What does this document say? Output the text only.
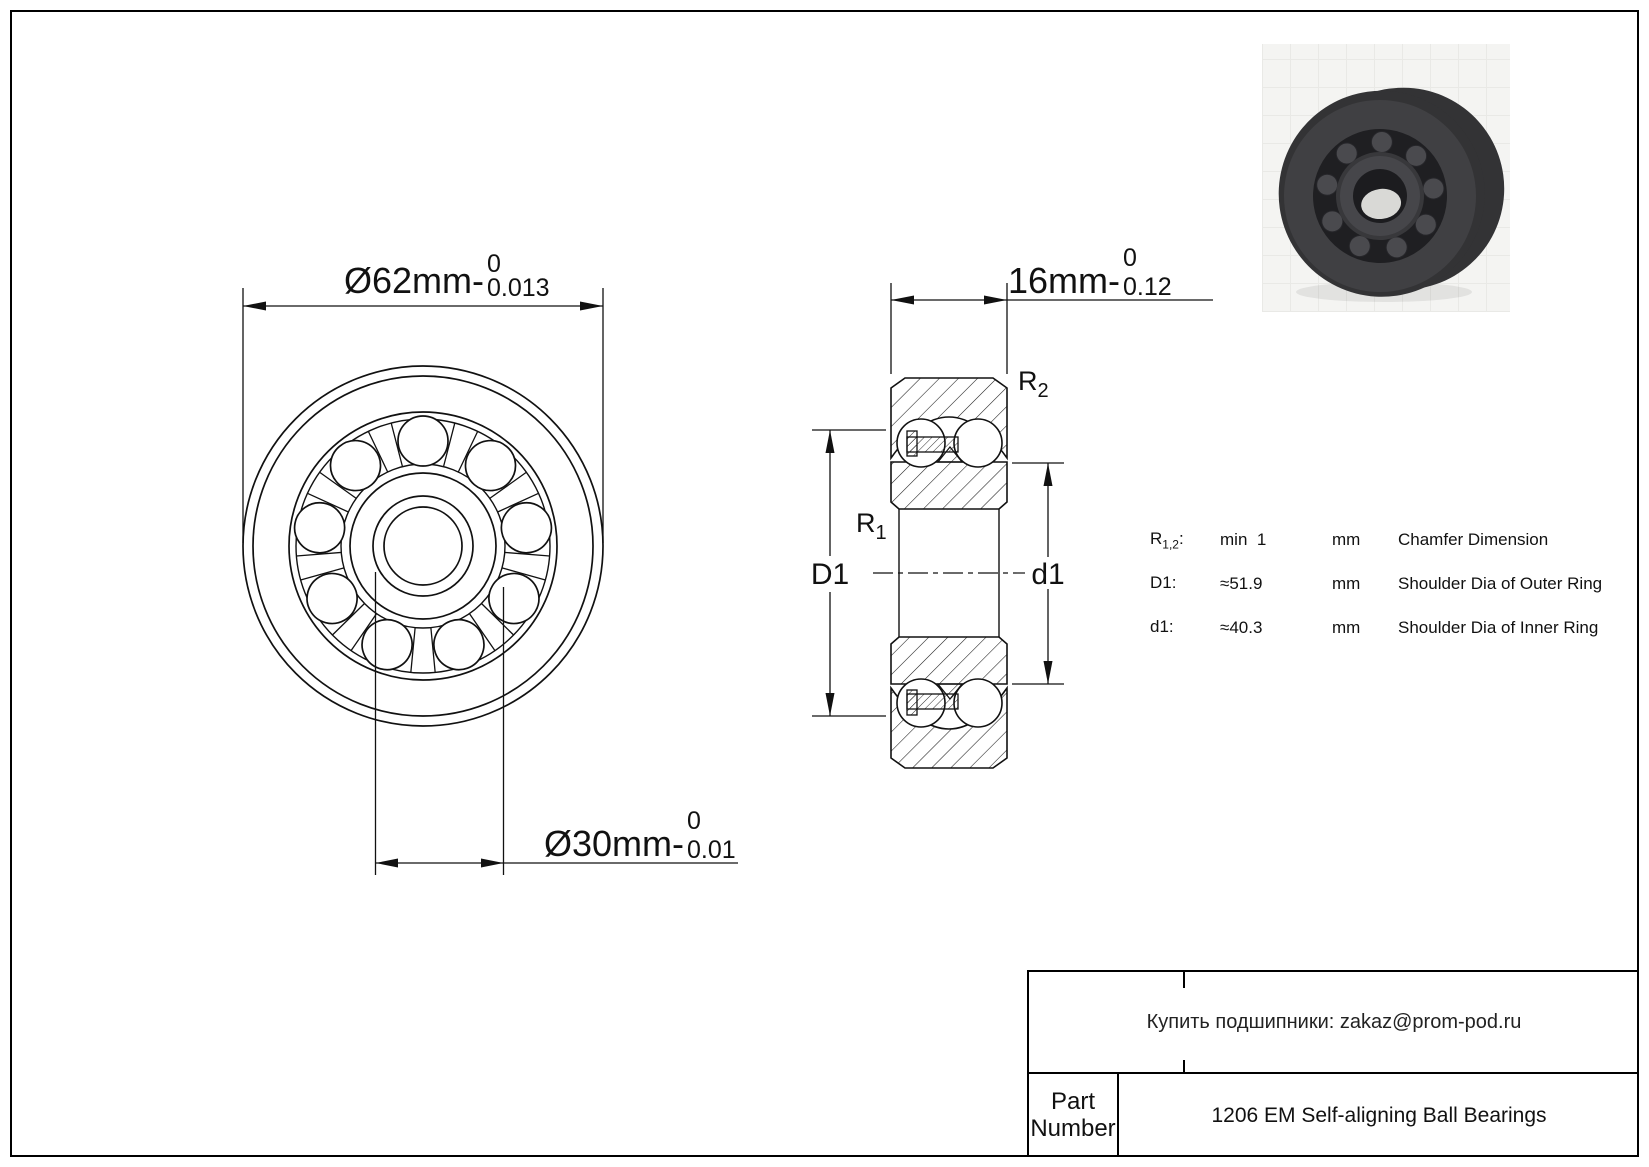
Ø62mm- 0
0.013
Ø30mm-
0
0.01
16mm-
0
0.12
D1	d1
$R_2$
$R_1$	$R_{1,2}$:	min  1	mm	Chamfer Dimension
D1:	≈51.9	mm	Shoulder Dia of Outer Ring
d1:	≈40.3	mm	Shoulder Dia of Inner Ring
Купить подшипники: zakaz@prom-pod.ru
Part Number	1206 EM Self-aligning Ball Bearings
